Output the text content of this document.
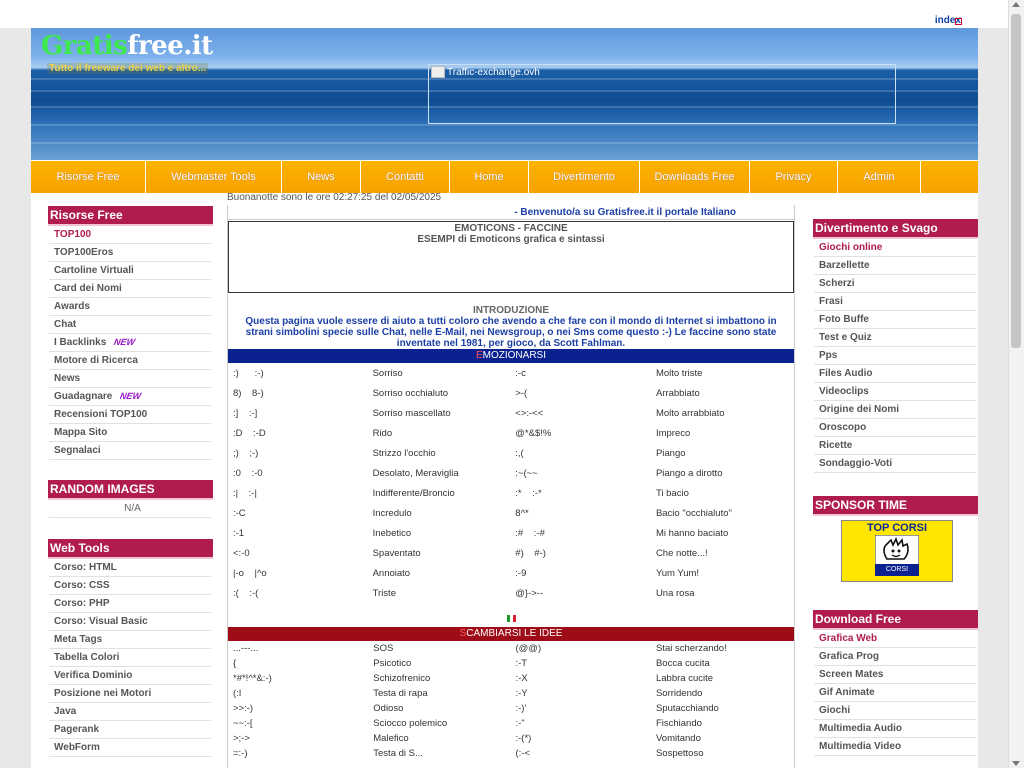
index
Gratisfree.it
Tutto il freeware dei web e altro...	Traffic-exchange.ovh
Risorse Free	Webmaster Tools	News	Contatti	Home	Divertimento	Downloads Free	Privacy	Admin
Risorse Free
TOP100
TOP100Eros
Cartoline Virtuali
Card dei Nomi
Awards
Chat
I Backlinks NEW
Motore di Ricerca
News
Guadagnare NEW
Recensioni TOP100
Mappa Sito
Segnalaci
RANDOM IMAGES
N/A
Web Tools
Corso: HTML
Corso: CSS
Corso: PHP
Corso: Visual Basic
Meta Tags
Tabella Colori
Verifica Dominio
Posizione nei Motori
Java
Pagerank
WebForm
Buonanotte sono le ore 02:27:25 del 02/05/2025
- Benvenuto/a su Gratisfree.it il portale Italiano
EMOTICONS - FACCINE
ESEMPI di Emoticons grafica e sintassi
INTRODUZIONE
Questa pagina vuole essere di aiuto a tutti coloro che avendo a che fare con il mondo di Internet si imbattono in strani simbolini specie sulle Chat, nelle E-Mail, nei Newsgroup, o nei Sms come questo :-) Le faccine sono state inventate nel 1981, per gioco, da Scott Fahlman.
EMOZIONARSI
:)      :-)	Sorriso	:-c	Molto triste
8)    8-)	Sorriso occhialuto	>-(	Arrabbiato
:]    :-]	Sorriso mascellato	<>:-<<	Molto arrabbiato
:D    :-D	Rido	@*&$!%	Impreco
;)    ;-)	Strizzo l'occhio	:,(	Piango
:0    :-0	Desolato, Meraviglia	:~(~~	Piango a dirotto
:|    :-|	Indifferente/Broncio	:*    :-*	Ti bacio
:-C	Incredulo	8^*	Bacio "occhialuto"
:-1	Inebetico	:#    :-#	Mi hanno baciato
<:-0	Spaventato	#)    #-)	Che notte...!
|-o    |^o	Annoiato	:-9	Yum Yum!
:(    :-(	Triste	@}->--	Una rosa
SCAMBIARSI LE IDEE
...---...	SOS	(@@)	Stai scherzando!
{	Psicotico	:-T	Bocca cucita
*#*!^*&:-)	Schizofrenico	:-X	Labbra cucite
(:I	Testa di rapa	:-Y	Sorridendo
>>:-)	Odioso	:-)'	Sputacchiando
~~:-[	Sciocco polemico	:-"	Fischiando
>;->	Malefico	:-(*)	Vomitando
=:-)	Testa di S...	(:-<	Sospettoso
Divertimento e Svago
Giochi online
Barzellette
Scherzi
Frasi
Foto Buffe
Test e Quiz
Pps
Files Audio
Videoclips
Origine dei Nomi
Oroscopo
Ricette
Sondaggio-Voti
SPONSOR TIME
TOP CORSI
CORSI
Download Free
Grafica Web
Grafica Prog
Screen Mates
Gif Animate
Giochi
Multimedia Audio
Multimedia Video
